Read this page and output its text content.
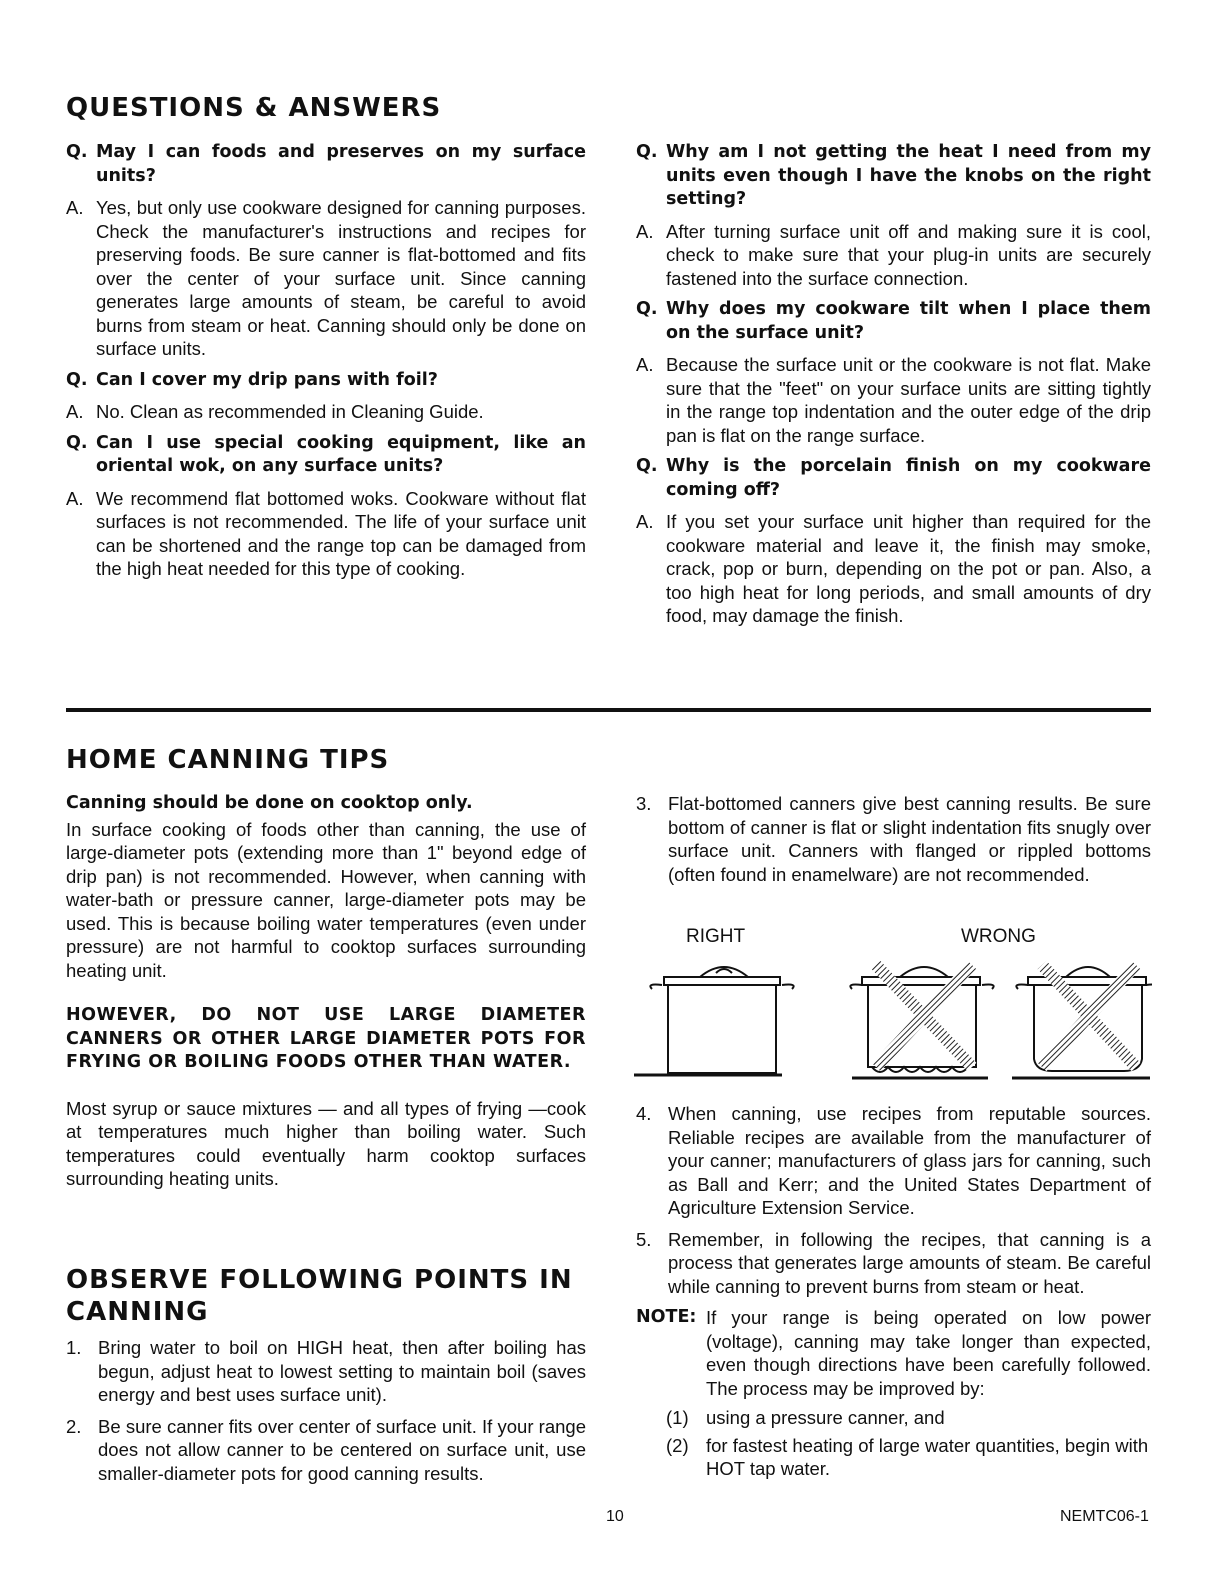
QUESTIONS & ANSWERS
Q. May I can foods and preserves on my surface units?
A. Yes, but only use cookware designed for canning purposes. Check the manufacturer's instructions and recipes for preserving foods. Be sure canner is flat-bottomed and fits over the center of your surface unit. Since canning generates large amounts of steam, be careful to avoid burns from steam or heat. Canning should only be done on surface units.
Q. Can I cover my drip pans with foil?
A. No. Clean as recommended in Cleaning Guide.
Q. Can I use special cooking equipment, like an oriental wok, on any surface units?
A. We recommend flat bottomed woks. Cookware without flat surfaces is not recommended. The life of your surface unit can be shortened and the range top can be damaged from the high heat needed for this type of cooking.
Q. Why am I not getting the heat I need from my units even though I have the knobs on the right setting?
A. After turning surface unit off and making sure it is cool, check to make sure that your plug-in units are securely fastened into the surface connection.
Q. Why does my cookware tilt when I place them on the surface unit?
A. Because the surface unit or the cookware is not flat. Make sure that the "feet" on your surface units are sitting tightly in the range top indentation and the outer edge of the drip pan is flat on the range surface.
Q. Why is the porcelain finish on my cookware coming off?
A. If you set your surface unit higher than required for the cookware material and leave it, the finish may smoke, crack, pop or burn, depending on the pot or pan. Also, a too high heat for long periods, and small amounts of dry food, may damage the finish.
HOME CANNING TIPS
Canning should be done on cooktop only.

In surface cooking of foods other than canning, the use of large-diameter pots (extending more than 1" beyond edge of drip pan) is not recommended. However, when canning with water-bath or pressure canner, large-diameter pots may be used. This is because boiling water temperatures (even under pressure) are not harmful to cooktop surfaces surrounding heating unit.

HOWEVER, DO NOT USE LARGE DIAMETER CANNERS OR OTHER LARGE DIAMETER POTS FOR FRYING OR BOILING FOODS OTHER THAN WATER.

Most syrup or sauce mixtures — and all types of frying —cook at temperatures much higher than boiling water. Such temperatures could eventually harm cooktop surfaces surrounding heating units.

OBSERVE FOLLOWING POINTS IN
CANNING
1. Bring water to boil on HIGH heat, then after boiling has begun, adjust heat to lowest setting to maintain boil (saves energy and best uses surface unit).
2. Be sure canner fits over center of surface unit. If your range does not allow canner to be centered on surface unit, use smaller-diameter pots for good canning results.
3. Flat-bottomed canners give best canning results. Be sure bottom of canner is flat or slight indentation fits snugly over surface unit. Canners with flanged or rippled bottoms (often found in enamelware) are not recommended.
RIGHT	WRONG
4. When canning, use recipes from reputable sources. Reliable recipes are available from the manufacturer of your canner; manufacturers of glass jars for canning, such as Ball and Kerr; and the United States Department of Agriculture Extension Service.
5. Remember, in following the recipes, that canning is a process that generates large amounts of steam. Be careful while canning to prevent burns from steam or heat.
NOTE: If your range is being operated on low power (voltage), canning may take longer than expected, even though directions have been carefully followed. The process may be improved by:
(1) using a pressure canner, and
(2) for fastest heating of large water quantities, begin with HOT tap water.
10	NEMTC06-1
